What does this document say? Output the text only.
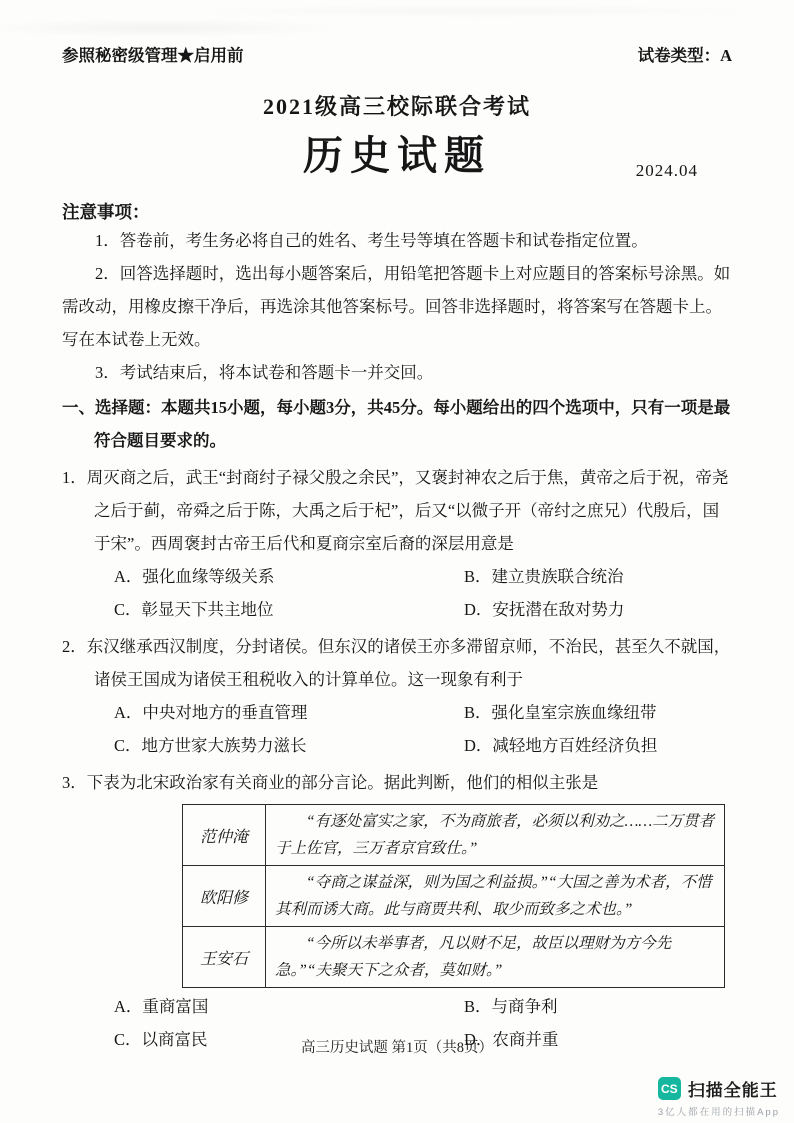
参照秘密级管理★启用前	试卷类型：A
2021级高三校际联合考试
历史试题	2024.04
注意事项：

1．答卷前，考生务必将自己的姓名、考生号等填在答题卡和试卷指定位置。

2．回答选择题时，选出每小题答案后，用铅笔把答题卡上对应题目的答案标号涂黑。如需改动，用橡皮擦干净后，再选涂其他答案标号。回答非选择题时，将答案写在答题卡上。写在本试卷上无效。

3．考试结束后，将本试卷和答题卡一并交回。

一、选择题：本题共15小题，每小题3分，共45分。每小题给出的四个选项中，只有一项是最符合题目要求的。

1．周灭商之后，武王“封商纣子禄父殷之余民”，又褒封神农之后于焦，黄帝之后于祝，帝尧之后于蓟，帝舜之后于陈，大禹之后于杞”，后又“以微子开（帝纣之庶兄）代殷后，国于宋”。西周褒封古帝王后代和夏商宗室后裔的深层用意是

A．强化血缘等级关系	B．建立贵族联合统治
C．彰显天下共主地位	D．安抚潜在敌对势力

2．东汉继承西汉制度，分封诸侯。但东汉的诸侯王亦多滞留京师，不治民，甚至久不就国，诸侯王国成为诸侯王租税收入的计算单位。这一现象有利于

A．中央对地方的垂直管理	B．强化皇室宗族血缘纽带
C．地方世家大族势力滋长	D．减轻地方百姓经济负担

3．下表为北宋政治家有关商业的部分言论。据此判断，他们的相似主张是

范仲淹	“有逐处富实之家，不为商旅者，必须以利劝之……二万贯者于上佐官，三万者京官致仕。”
欧阳修	“夺商之谋益深，则为国之利益损。”“大国之善为术者，不惜其利而诱大商。此与商贾共利、取少而致多之术也。”
王安石	“今所以未举事者，凡以财不足，故臣以理财为方今先急。”“夫聚天下之众者，莫如财。”
A．重商富国	B．与商争利
C．以商富民	D．农商并重
高三历史试题 第1页（共8页）
CS 扫描全能王
3亿人都在用的扫描App
